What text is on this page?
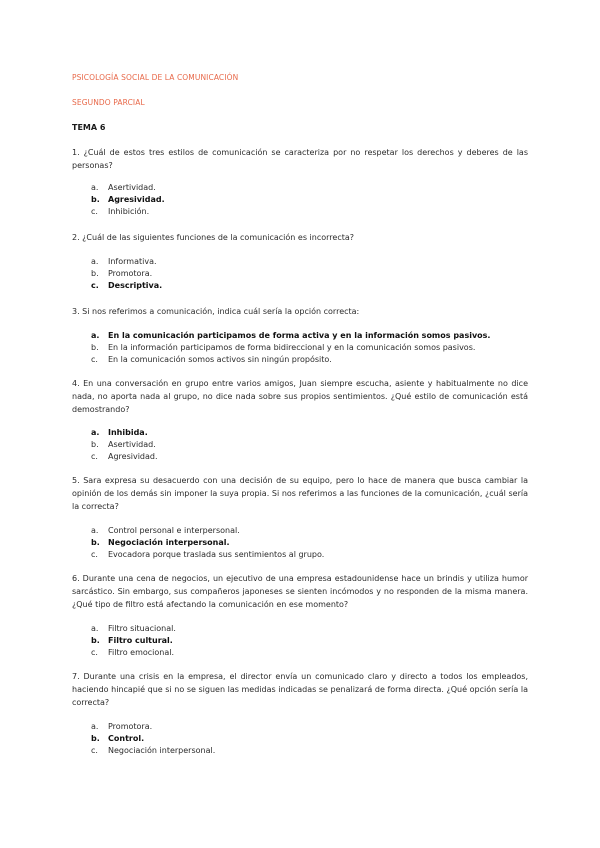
PSICOLOGÍA SOCIAL DE LA COMUNICACIÓN
SEGUNDO PARCIAL
TEMA 6
1. ¿Cuál de estos tres estilos de comunicación se caracteriza por no respetar los derechos y deberes de las personas?
a. Asertividad.
b. Agresividad.
c. Inhibición.
2. ¿Cuál de las siguientes funciones de la comunicación es incorrecta?
a. Informativa.
b. Promotora.
c. Descriptiva.
3. Si nos referimos a comunicación, indica cuál sería la opción correcta:
a. En la comunicación participamos de forma activa y en la información somos pasivos.
b. En la información participamos de forma bidireccional y en la comunicación somos pasivos.
c. En la comunicación somos activos sin ningún propósito.
4. En una conversación en grupo entre varios amigos, Juan siempre escucha, asiente y habitualmente no dice nada, no aporta nada al grupo, no dice nada sobre sus propios sentimientos. ¿Qué estilo de comunicación está demostrando?
a. Inhibida.
b. Asertividad.
c. Agresividad.
5. Sara expresa su desacuerdo con una decisión de su equipo, pero lo hace de manera que busca cambiar la opinión de los demás sin imponer la suya propia. Si nos referimos a las funciones de la comunicación, ¿cuál sería la correcta?
a. Control personal e interpersonal.
b. Negociación interpersonal.
c. Evocadora porque traslada sus sentimientos al grupo.
6. Durante una cena de negocios, un ejecutivo de una empresa estadounidense hace un brindis y utiliza humor sarcástico. Sin embargo, sus compañeros japoneses se sienten incómodos y no responden de la misma manera. ¿Qué tipo de filtro está afectando la comunicación en ese momento?
a. Filtro situacional.
b. Filtro cultural.
c. Filtro emocional.
7. Durante una crisis en la empresa, el director envía un comunicado claro y directo a todos los empleados, haciendo hincapié que si no se siguen las medidas indicadas se penalizará de forma directa. ¿Qué opción sería la correcta?
a. Promotora.
b. Control.
c. Negociación interpersonal.
